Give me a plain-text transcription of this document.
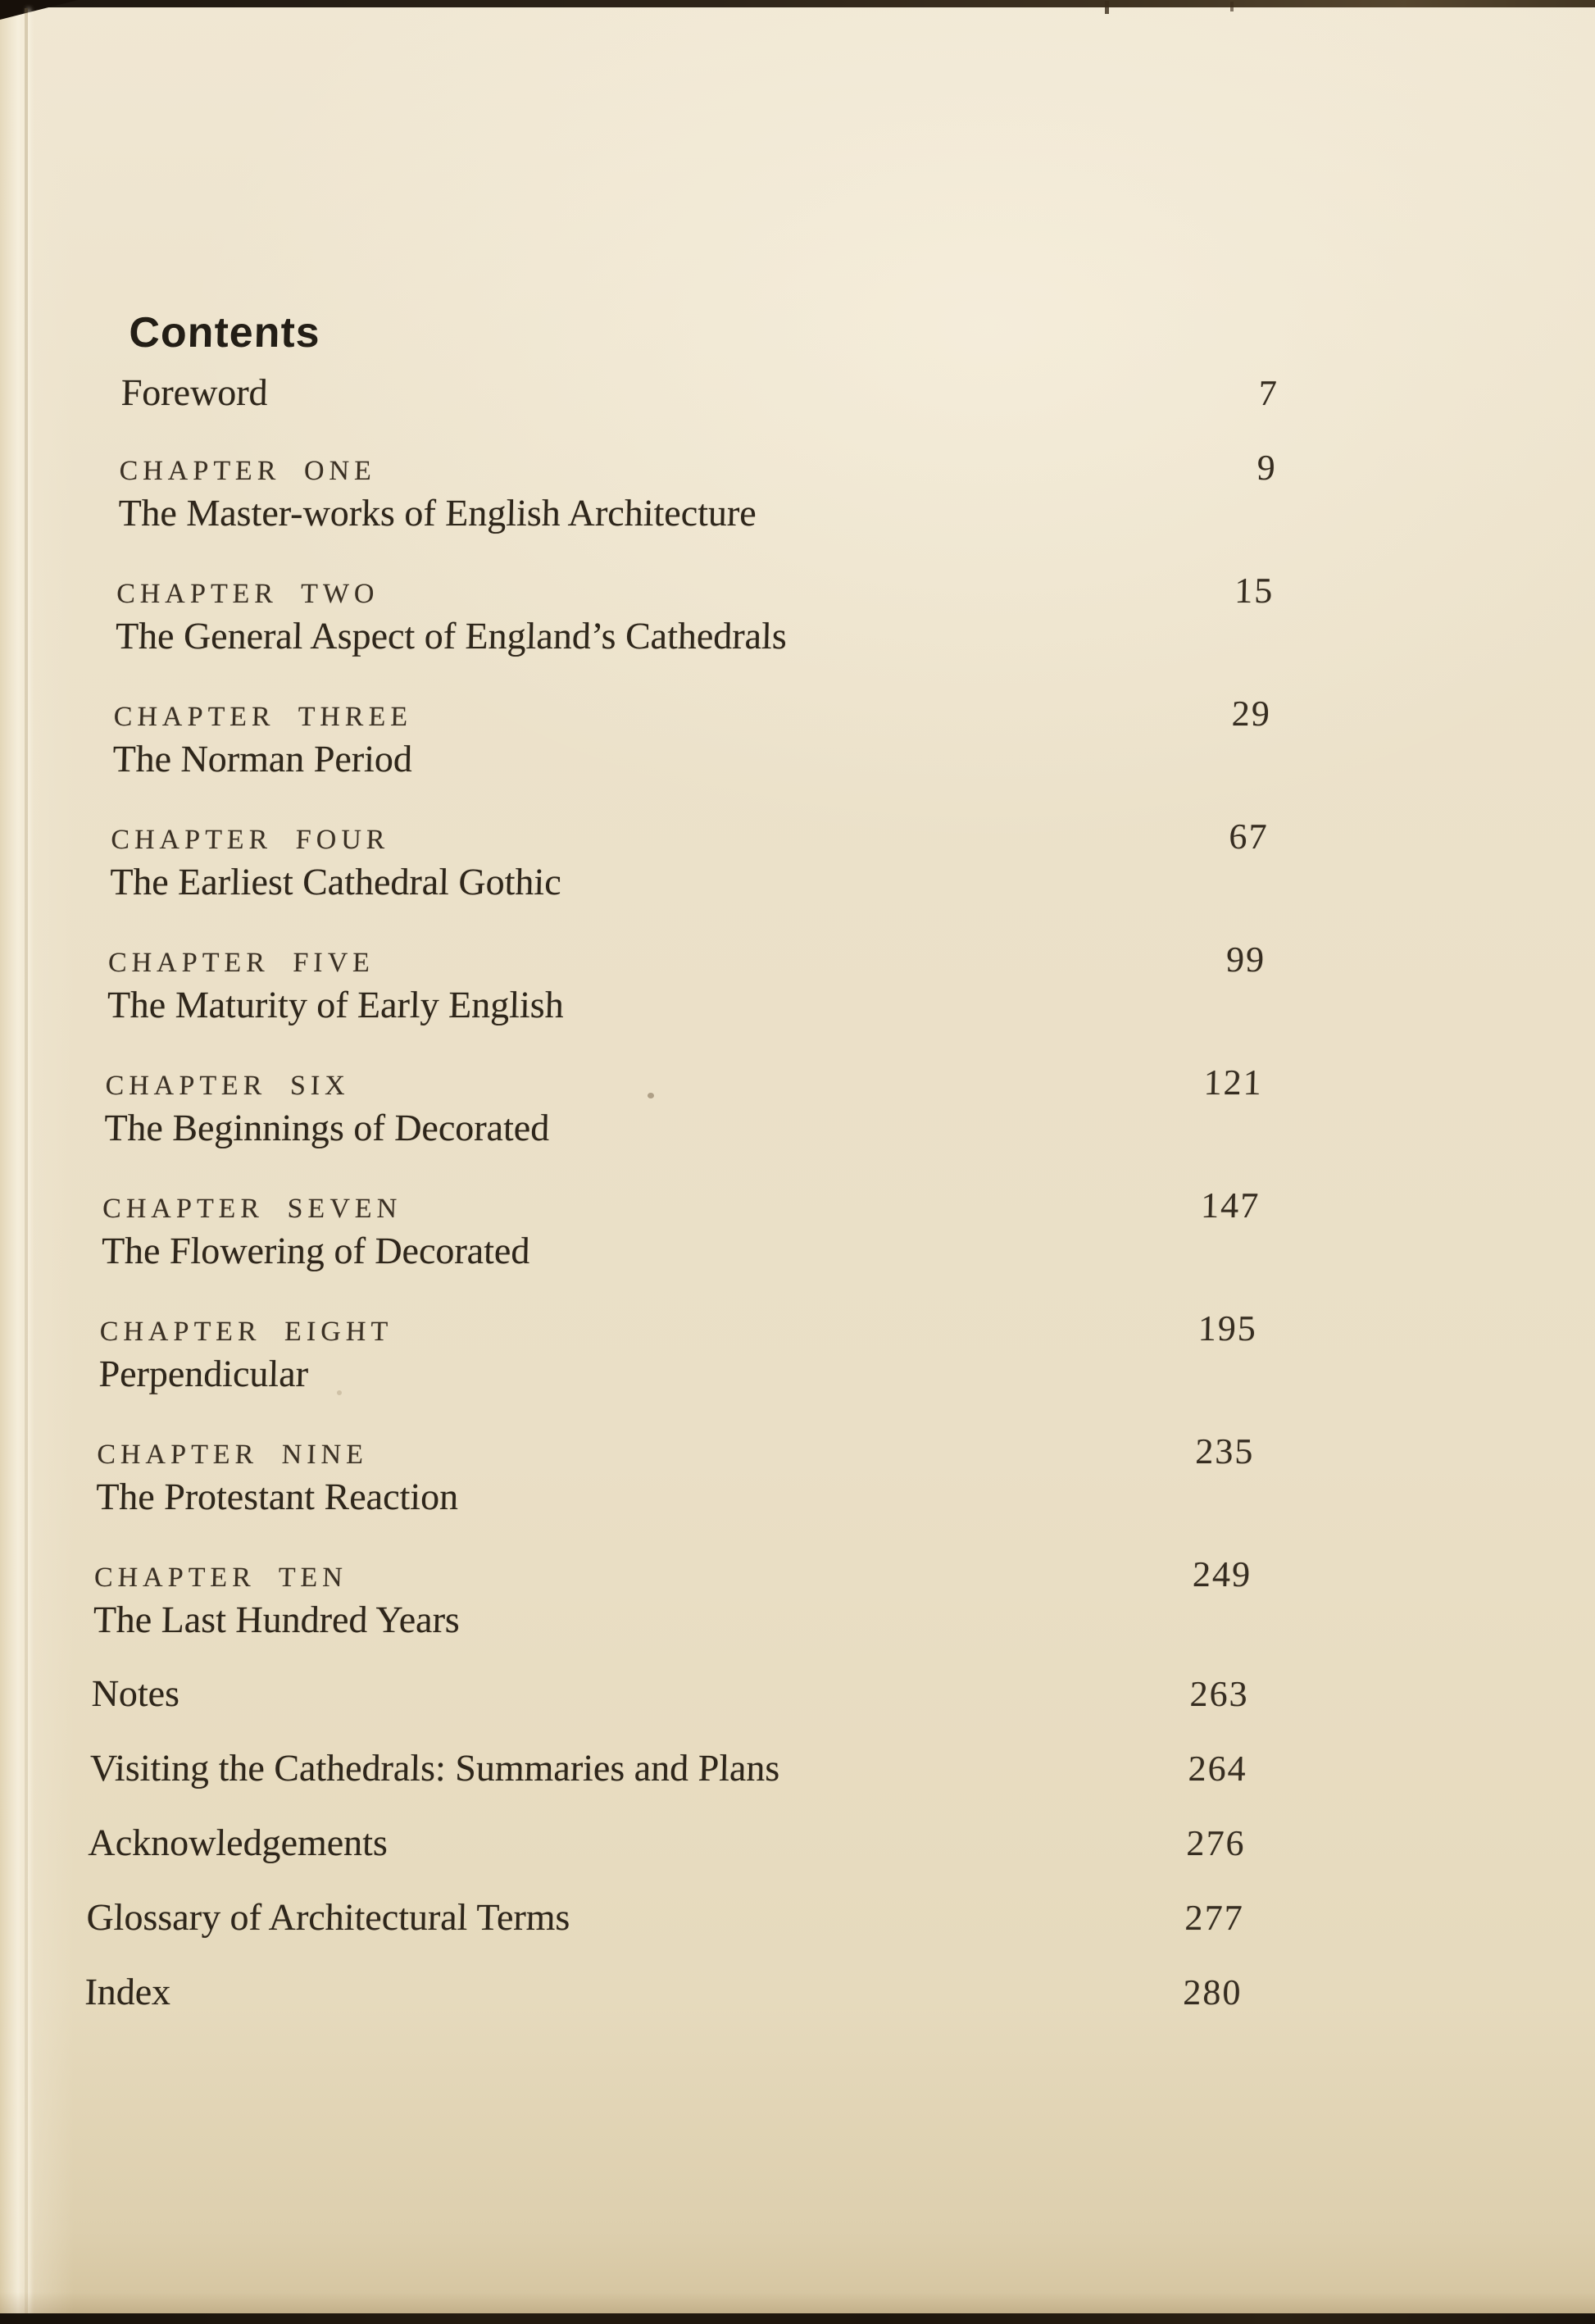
Contents
Foreword	7
CHAPTER ONE	9
The Master-works of English Architecture
CHAPTER TWO	15
The General Aspect of England’s Cathedrals
CHAPTER THREE	29
The Norman Period
CHAPTER FOUR	67
The Earliest Cathedral Gothic
CHAPTER FIVE	99
The Maturity of Early English
CHAPTER SIX	121
The Beginnings of Decorated
CHAPTER SEVEN	147
The Flowering of Decorated
CHAPTER EIGHT	195
Perpendicular
CHAPTER NINE	235
The Protestant Reaction
CHAPTER TEN	249
The Last Hundred Years
Notes	263
Visiting the Cathedrals: Summaries and Plans	264
Acknowledgements	276
Glossary of Architectural Terms	277
Index	280
